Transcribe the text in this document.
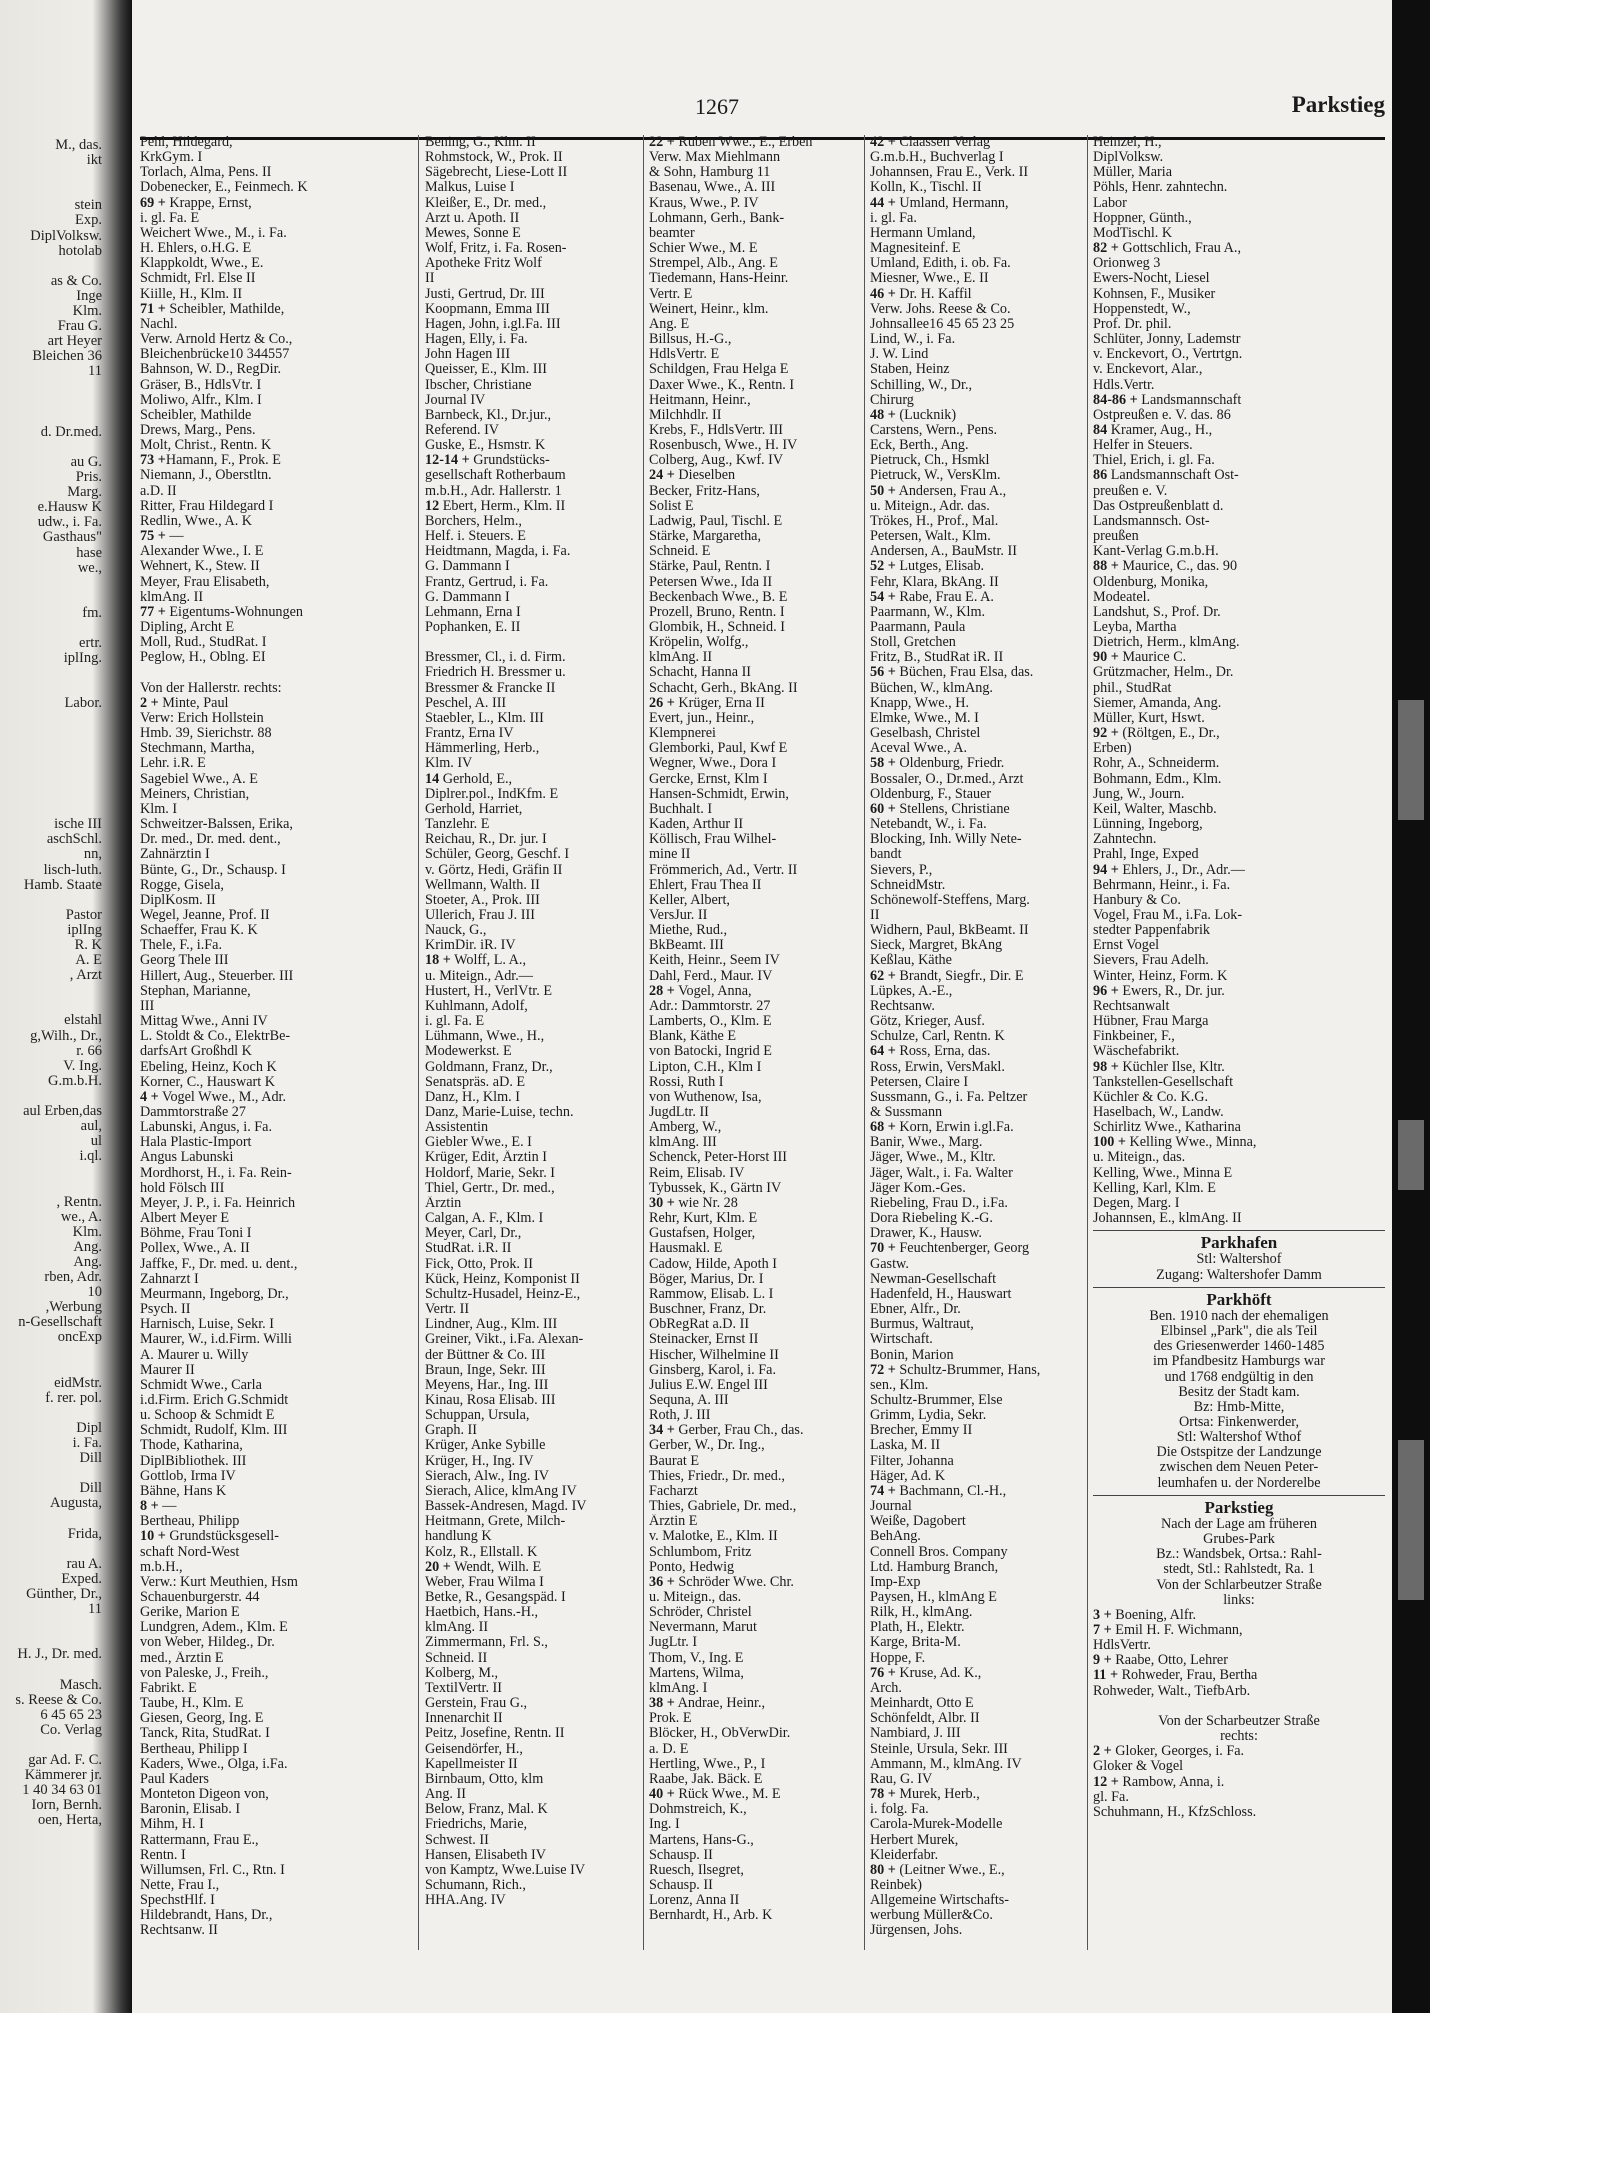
M., das.
ikt

stein
Exp.
DiplVolksw.
hotolab

as & Co.
Inge
Klm.
Frau G.
art Heyer
Bleichen 36
11

d. Dr.med.

au G.
Pris.
Marg.
e.Hausw K
udw., i. Fa.
Gasthaus"
hase
we.,

fm.

ertr.
iplIng.

Labor.

ische III
aschSchl.
nn,
lisch-luth.
Hamb. Staate

Pastor
iplIng
R. K
A. E
, Arzt

elstahl
g,Wilh., Dr.,
r. 66
V. Ing.
G.m.b.H.

aul Erben,das
aul,
ul
i.ql.

, Rentn.
we., A.
Klm.
Ang.
Ang.
rben, Adr.
10
,Werbung
n-Gesellschaft
oncExp

eidMstr.
f. rer. pol.

Dipl
i. Fa.
Dill

Dill
Augusta,

Frida,

rau A.
Exped.
Günther, Dr.,
11

H. J., Dr. med.

Masch.
s. Reese & Co.
6 45 65 23
Co. Verlag

gar Ad. F. C.
Kämmerer jr.
1 40 34 63 01
Iorn, Bernh.
oen, Herta,
1267	Parkstieg
Pehl, Hildegard,
KrkGym. I
Torlach, Alma, Pens. II
Dobenecker, E., Feinmech. K
69 + Krappe, Ernst,
i. gl. Fa. E
Weichert Wwe., M., i. Fa.
H. Ehlers, o.H.G. E
Klappkoldt, Wwe., E.
Schmidt, Frl. Else II
Kiille, H., Klm. II
71 + Scheibler, Mathilde,
Nachl.
Verw. Arnold Hertz & Co.,
Bleichenbrücke10 344557
Bahnson, W. D., RegDir.
Gräser, B., HdlsVtr. I
Moliwo, Alfr., Klm. I
Scheibler, Mathilde
Drews, Marg., Pens.
Molt, Christ., Rentn. K
73 +Hamann, F., Prok. E
Niemann, J., Oberstltn.
a.D. II
Ritter, Frau Hildegard I
Redlin, Wwe., A. K
75 + —
Alexander Wwe., I. E
Wehnert, K., Stew. II
Meyer, Frau Elisabeth,
klmAng. II
77 + Eigentums-Wohnungen
Dipling, Archt E
Moll, Rud., StudRat. I
Peglow, H., Oblng. EI

Von der Hallerstr. rechts:
2 + Minte, Paul
Verw: Erich Hollstein
Hmb. 39, Sierichstr. 88
Stechmann, Martha,
Lehr. i.R. E
Sagebiel Wwe., A. E
Meiners, Christian,
Klm. I
Schweitzer-Balssen, Erika,
Dr. med., Dr. med. dent.,
Zahnärztin I
Bünte, G., Dr., Schausp. I
Rogge, Gisela,
DiplKosm. II
Wegel, Jeanne, Prof. II
Schaeffer, Frau K. K
Thele, F., i.Fa.
Georg Thele III
Hillert, Aug., Steuerber. III
Stephan, Marianne,
III
Mittag Wwe., Anni IV
L. Stoldt & Co., ElektrBe-
darfsArt Großhdl K
Ebeling, Heinz, Koch K
Korner, C., Hauswart K
4 + Vogel Wwe., M., Adr.
Dammtorstraße 27
Labunski, Angus, i. Fa.
Hala Plastic-Import
Angus Labunski
Mordhorst, H., i. Fa. Rein-
hold Fölsch III
Meyer, J. P., i. Fa. Heinrich
Albert Meyer E
Böhme, Frau Toni I
Pollex, Wwe., A. II
Jaffke, F., Dr. med. u. dent.,
Zahnarzt I
Meurmann, Ingeborg, Dr.,
Psych. II
Harnisch, Luise, Sekr. I
Maurer, W., i.d.Firm. Willi
A. Maurer u. Willy
Maurer II
Schmidt Wwe., Carla
i.d.Firm. Erich G.Schmidt
u. Schoop & Schmidt E
Schmidt, Rudolf, Klm. III
Thode, Katharina,
DiplBibliothek. III
Gottlob, Irma IV
Bähne, Hans K
8 + —
Bertheau, Philipp
10 + Grundstücksgesell-
schaft Nord-West
m.b.H.,
Verw.: Kurt Meuthien, Hsm
Schauenburgerstr. 44
Gerike, Marion E
Lundgren, Adem., Klm. E
von Weber, Hildeg., Dr.
med., Ärztin E
von Paleske, J., Freih.,
Fabrikt. E
Taube, H., Klm. E
Giesen, Georg, Ing. E
Tanck, Rita, StudRat. I
Bertheau, Philipp I
Kaders, Wwe., Olga, i.Fa.
Paul Kaders
Monteton Digeon von,
Baronin, Elisab. I
Mihm, H. I
Rattermann, Frau E.,
Rentn. I
Willumsen, Frl. C., Rtn. I
Nette, Frau I.,
SpechstHlf. I
Hildebrandt, Hans, Dr.,
Rechtsanw. II
Bening, G., Klm. II
Rohmstock, W., Prok. II
Sägebrecht, Liese-Lott II
Malkus, Luise I
Kleißer, E., Dr. med.,
Arzt u. Apoth. II
Mewes, Sonne E
Wolf, Fritz, i. Fa. Rosen-
Apotheke Fritz Wolf
II
Justi, Gertrud, Dr. III
Koopmann, Emma III
Hagen, John, i.gl.Fa. III
Hagen, Elly, i. Fa.
John Hagen III
Queisser, E., Klm. III
Ibscher, Christiane
Journal IV
Barnbeck, Kl., Dr.jur.,
Referend. IV
Guske, E., Hsmstr. K
12-14 + Grundstücks-
gesellschaft Rotherbaum
m.b.H., Adr. Hallerstr. 1
12 Ebert, Herm., Klm. II
Borchers, Helm.,
Helf. i. Steuers. E
Heidtmann, Magda, i. Fa.
G. Dammann I
Frantz, Gertrud, i. Fa.
G. Dammann I
Lehmann, Erna I
Pophanken, E. II

Bressmer, Cl., i. d. Firm.
Friedrich H. Bressmer u.
Bressmer & Francke II
Peschel, A. III
Staebler, L., Klm. III
Frantz, Erna IV
Hämmerling, Herb.,
Klm. IV
14 Gerhold, E.,
Diplrer.pol., IndKfm. E
Gerhold, Harriet,
Tanzlehr. E
Reichau, R., Dr. jur. I
Schüler, Georg, Geschf. I
v. Görtz, Hedi, Gräfin II
Wellmann, Walth. II
Stoeter, A., Prok. III
Ullerich, Frau J. III
Nauck, G.,
KrimDir. iR. IV
18 + Wolff, L. A.,
u. Miteign., Adr.—
Hustert, H., VerlVtr. E
Kuhlmann, Adolf,
i. gl. Fa. E
Lühmann, Wwe., H.,
Modewerkst. E
Goldmann, Franz, Dr.,
Senatspräs. aD. E
Danz, H., Klm. I
Danz, Marie-Luise, techn.
Assistentin
Giebler Wwe., E. I
Krüger, Edit, Ärztin I
Holdorf, Marie, Sekr. I
Thiel, Gertr., Dr. med.,
Ärztin
Calgan, A. F., Klm. I
Meyer, Carl, Dr.,
StudRat. i.R. II
Fick, Otto, Prok. II
Kück, Heinz, Komponist II
Schultz-Husadel, Heinz-E.,
Vertr. II
Lindner, Aug., Klm. III
Greiner, Vikt., i.Fa. Alexan-
der Büttner & Co. III
Braun, Inge, Sekr. III
Meyens, Har., Ing. III
Kinau, Rosa Elisab. III
Schuppan, Ursula,
Graph. II
Krüger, Anke Sybille
Krüger, H., Ing. IV
Sierach, Alw., Ing. IV
Sierach, Alice, klmAng IV
Bassek-Andresen, Magd. IV
Heitmann, Grete, Milch-
handlung K
Kolz, R., Ellstall. K
20 + Wendt, Wilh. E
Weber, Frau Wilma I
Betke, R., Gesangspäd. I
Haetbich, Hans.-H.,
klmAng. II
Zimmermann, Frl. S.,
Schneid. II
Kolberg, M.,
TextilVertr. II
Gerstein, Frau G.,
Innenarchit II
Peitz, Josefine, Rentn. II
Geisendörfer, H.,
Kapellmeister II
Birnbaum, Otto, klm
Ang. II
Below, Franz, Mal. K
Friedrichs, Marie,
Schwest. II
Hansen, Elisabeth IV
von Kamptz, Wwe.Luise IV
Schumann, Rich.,
HHA.Ang. IV
22 + Ruben Wwe., E., Erben
Verw. Max Miehlmann
& Sohn, Hamburg 11
Basenau, Wwe., A. III
Kraus, Wwe., P. IV
Lohmann, Gerh., Bank-
beamter
Schier Wwe., M. E
Strempel, Alb., Ang. E
Tiedemann, Hans-Heinr.
Vertr. E
Weinert, Heinr., klm.
Ang. E
Billsus, H.-G.,
HdlsVertr. E
Schildgen, Frau Helga E
Daxer Wwe., K., Rentn. I
Heitmann, Heinr.,
Milchhdlr. II
Krebs, F., HdlsVertr. III
Rosenbusch, Wwe., H. IV
Colberg, Aug., Kwf. IV
24 + Dieselben
Becker, Fritz-Hans,
Solist E
Ladwig, Paul, Tischl. E
Stärke, Margaretha,
Schneid. E
Stärke, Paul, Rentn. I
Petersen Wwe., Ida II
Beckenbach Wwe., B. E
Prozell, Bruno, Rentn. I
Glombik, H., Schneid. I
Kröpelin, Wolfg.,
klmAng. II
Schacht, Hanna II
Schacht, Gerh., BkAng. II
26 + Krüger, Erna II
Evert, jun., Heinr.,
Klempnerei
Glemborki, Paul, Kwf E
Wegner, Wwe., Dora I
Gercke, Ernst, Klm I
Hansen-Schmidt, Erwin,
Buchhalt. I
Kaden, Arthur II
Köllisch, Frau Wilhel-
mine II
Frömmerich, Ad., Vertr. II
Ehlert, Frau Thea II
Keller, Albert,
VersJur. II
Miethe, Rud.,
BkBeamt. III
Keith, Heinr., Seem IV
Dahl, Ferd., Maur. IV
28 + Vogel, Anna,
Adr.: Dammtorstr. 27
Lamberts, O., Klm. E
Blank, Käthe E
von Batocki, Ingrid E
Lipton, C.H., Klm I
Rossi, Ruth I
von Wuthenow, Isa,
JugdLtr. II
Amberg, W.,
klmAng. III
Schenck, Peter-Horst III
Reim, Elisab. IV
Tybussek, K., Gärtn IV
30 + wie Nr. 28
Rehr, Kurt, Klm. E
Gustafsen, Holger,
Hausmakl. E
Cadow, Hilde, Apoth I
Böger, Marius, Dr. I
Rammow, Elisab. L. I
Buschner, Franz, Dr.
ObRegRat a.D. II
Steinacker, Ernst II
Hischer, Wilhelmine II
Ginsberg, Karol, i. Fa.
Julius E.W. Engel III
Sequna, A. III
Roth, J. III
34 + Gerber, Frau Ch., das.
Gerber, W., Dr. Ing.,
Baurat E
Thies, Friedr., Dr. med.,
Facharzt
Thies, Gabriele, Dr. med.,
Ärztin E
v. Malotke, E., Klm. II
Schlumbom, Fritz
Ponto, Hedwig
36 + Schröder Wwe. Chr.
u. Miteign., das.
Schröder, Christel
Nevermann, Marut
JugLtr. I
Thom, V., Ing. E
Martens, Wilma,
klmAng. I
38 + Andrae, Heinr.,
Prok. E
Blöcker, H., ObVerwDir.
a. D. E
Hertling, Wwe., P., I
Raabe, Jak. Bäck. E
40 + Rück Wwe., M. E
Dohmstreich, K.,
Ing. I
Martens, Hans-G.,
Schausp. II
Ruesch, Ilsegret,
Schausp. II
Lorenz, Anna II
Bernhardt, H., Arb. K
42 + Claassen Verlag
G.m.b.H., Buchverlag I
Johannsen, Frau E., Verk. II
Kolln, K., Tischl. II
44 + Umland, Hermann,
i. gl. Fa.
Hermann Umland,
Magnesiteinf. E
Umland, Edith, i. ob. Fa.
Miesner, Wwe., E. II
46 + Dr. H. Kaffil
Verw. Johs. Reese & Co.
Johnsallee16 45 65 23 25
Lind, W., i. Fa.
J. W. Lind
Staben, Heinz
Schilling, W., Dr.,
Chirurg
48 + (Lucknik)
Carstens, Wern., Pens.
Eck, Berth., Ang.
Pietruck, Ch., Hsmkl
Pietruck, W., VersKlm.
50 + Andersen, Frau A.,
u. Miteign., Adr. das.
Trökes, H., Prof., Mal.
Petersen, Walt., Klm.
Andersen, A., BauMstr. II
52 + Lutges, Elisab.
Fehr, Klara, BkAng. II
54 + Rabe, Frau E. A.
Paarmann, W., Klm.
Paarmann, Paula
Stoll, Gretchen
Fritz, B., StudRat iR. II
56 + Büchen, Frau Elsa, das.
Büchen, W., klmAng.
Knapp, Wwe., H.
Elmke, Wwe., M. I
Geselbash, Christel
Aceval Wwe., A.
58 + Oldenburg, Friedr.
Bossaler, O., Dr.med., Arzt
Oldenburg, F., Stauer
60 + Stellens, Christiane
Netebandt, W., i. Fa.
Blocking, Inh. Willy Nete-
bandt
Sievers, P.,
SchneidMstr.
Schönewolf-Steffens, Marg.
II
Widhern, Paul, BkBeamt. II
Sieck, Margret, BkAng
Keßlau, Käthe
62 + Brandt, Siegfr., Dir. E
Lüpkes, A.-E.,
Rechtsanw.
Götz, Krieger, Ausf.
Schulze, Carl, Rentn. K
64 + Ross, Erna, das.
Ross, Erwin, VersMakl.
Petersen, Claire I
Sussmann, G., i. Fa. Peltzer
& Sussmann
68 + Korn, Erwin i.gl.Fa.
Banir, Wwe., Marg.
Jäger, Wwe., M., Kltr.
Jäger, Walt., i. Fa. Walter
Jäger Kom.-Ges.
Riebeling, Frau D., i.Fa.
Dora Riebeling K.-G.
Drawer, K., Hausw.
70 + Feuchtenberger, Georg
Gastw.
Newman-Gesellschaft
Hadenfeld, H., Hauswart
Ebner, Alfr., Dr.
Burmus, Waltraut,
Wirtschaft.
Bonin, Marion
72 + Schultz-Brummer, Hans,
sen., Klm.
Schultz-Brummer, Else
Grimm, Lydia, Sekr.
Brecher, Emmy II
Laska, M. II
Filter, Johanna
Häger, Ad. K
74 + Bachmann, Cl.-H.,
Journal
Weiße, Dagobert
BehAng.
Connell Bros. Company
Ltd. Hamburg Branch,
Imp-Exp
Paysen, H., klmAng E
Rilk, H., klmAng.
Plath, H., Elektr.
Karge, Brita-M.
Hoppe, F.
76 + Kruse, Ad. K.,
Arch.
Meinhardt, Otto E
Schönfeldt, Albr. II
Nambiard, J. III
Steinle, Ursula, Sekr. III
Ammann, M., klmAng. IV
Rau, G. IV
78 + Murek, Herb.,
i. folg. Fa.
Carola-Murek-Modelle
Herbert Murek,
Kleiderfabr.
80 + (Leitner Wwe., E.,
Reinbek)
Allgemeine Wirtschafts-
werbung Müller&Co.
Jürgensen, Johs.
Heinzel, H.,
DiplVolksw.
Müller, Maria
Pöhls, Henr. zahntechn.
Labor
Hoppner, Günth.,
ModTischl. K
82 + Gottschlich, Frau A.,
Orionweg 3
Ewers-Nocht, Liesel
Kohnsen, F., Musiker
Hoppenstedt, W.,
Prof. Dr. phil.
Schlüter, Jonny, Lademstr
v. Enckevort, O., Vertrtgn.
v. Enckevort, Alar.,
Hdls.Vertr.
84-86 + Landsmannschaft
Ostpreußen e. V. das. 86
84 Kramer, Aug., H.,
Helfer in Steuers.
Thiel, Erich, i. gl. Fa.
86 Landsmannschaft Ost-
preußen e. V.
Das Ostpreußenblatt d.
Landsmannsch. Ost-
preußen
Kant-Verlag G.m.b.H.
88 + Maurice, C., das. 90
Oldenburg, Monika,
Modeatel.
Landshut, S., Prof. Dr.
Leyba, Martha
Dietrich, Herm., klmAng.
90 + Maurice C.
Grützmacher, Helm., Dr.
phil., StudRat
Siemer, Amanda, Ang.
Müller, Kurt, Hswt.
92 + (Röltgen, E., Dr.,
Erben)
Rohr, A., Schneiderm.
Bohmann, Edm., Klm.
Jung, W., Journ.
Keil, Walter, Maschb.
Lünning, Ingeborg,
Zahntechn.
Prahl, Inge, Exped
94 + Ehlers, J., Dr., Adr.—
Behrmann, Heinr., i. Fa.
Hanbury & Co.
Vogel, Frau M., i.Fa. Lok-
stedter Pappenfabrik
Ernst Vogel
Sievers, Frau Adelh.
Winter, Heinz, Form. K
96 + Ewers, R., Dr. jur.
Rechtsanwalt
Hübner, Frau Marga
Finkbeiner, F.,
Wäschefabrikt.
98 + Küchler Ilse, Kltr.
Tankstellen-Gesellschaft
Küchler & Co. K.G.
Haselbach, W., Landw.
Schirlitz Wwe., Katharina
100 + Kelling Wwe., Minna,
u. Miteign., das.
Kelling, Wwe., Minna E
Kelling, Karl, Klm. E
Degen, Marg. I
Johannsen, E., klmAng. II
Parkhafen
Stl: Waltershof
Zugang: Waltershofer Damm
Parkhöft
Ben. 1910 nach der ehemaligen
Elbinsel „Park", die als Teil
des Griesenwerder 1460-1485
im Pfandbesitz Hamburgs war
und 1768 endgültig in den
Besitz der Stadt kam.
Bz: Hmb-Mitte,
Ortsa: Finkenwerder,
Stl: Waltershof Wthof
Die Ostspitze der Landzunge
zwischen dem Neuen Peter-
leumhafen u. der Norderelbe
Parkstieg
Nach der Lage am früheren
Grubes-Park
Bz.: Wandsbek, Ortsa.: Rahl-
stedt, Stl.: Rahlstedt, Ra. 1
Von der Schlarbeutzer Straße
links:
3 + Boening, Alfr.
7 + Emil H. F. Wichmann,
HdlsVertr.
9 + Raabe, Otto, Lehrer
11 + Rohweder, Frau, Bertha
Rohweder, Walt., TiefbArb.

Von der Scharbeutzer Straße
rechts:
2 + Gloker, Georges, i. Fa.
Gloker & Vogel
12 + Rambow, Anna, i.
gl. Fa.
Schuhmann, H., KfzSchloss.
